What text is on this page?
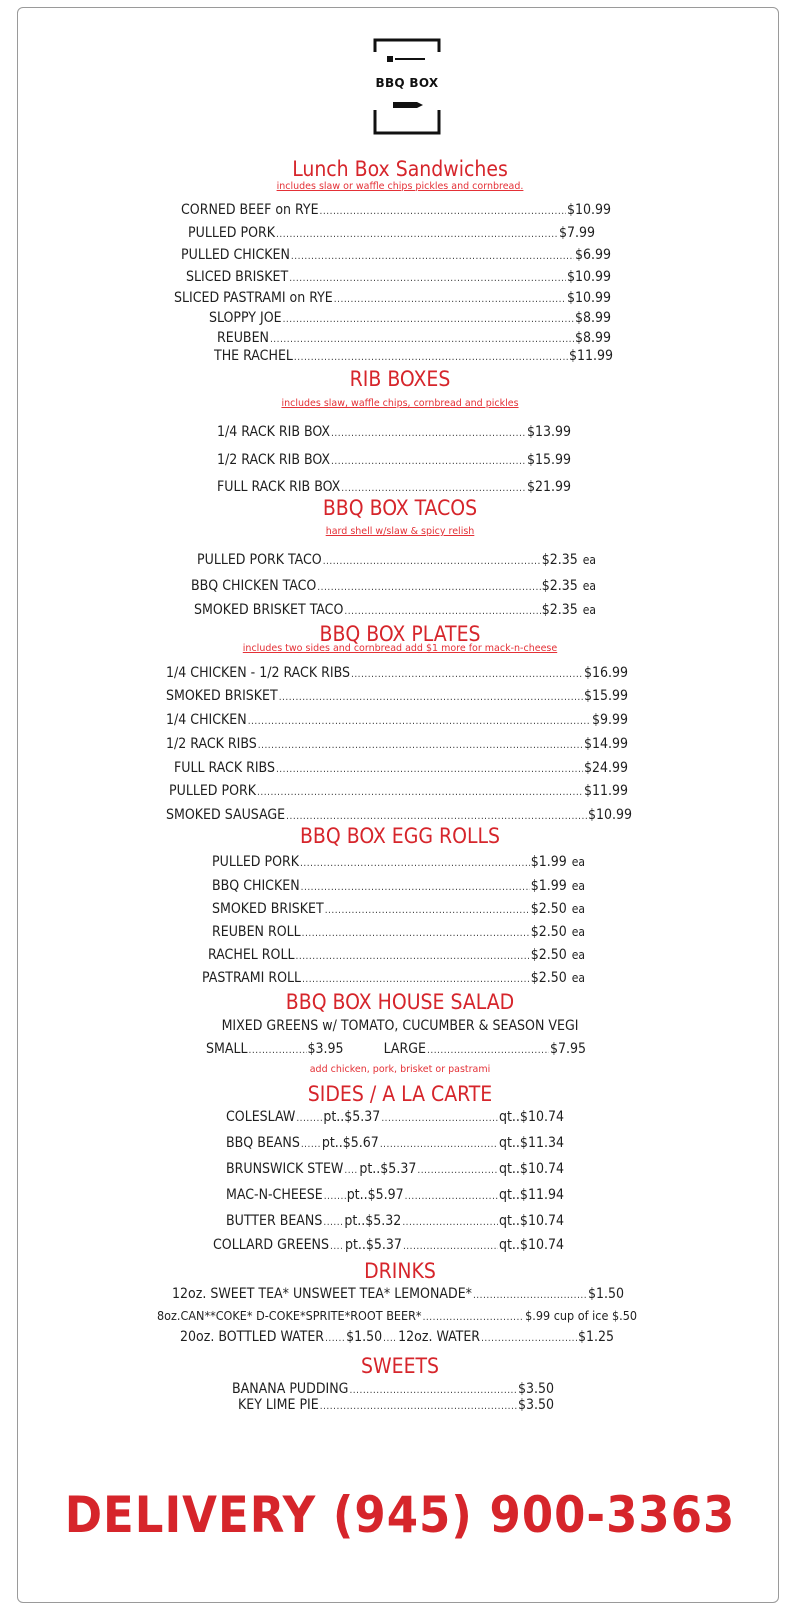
BBQ BOX
Lunch Box Sandwiches
includes slaw or waffle chips pickles and cornbread.
CORNED BEEF on RYE .....	$10.99
PULLED PORK .....	$7.99
PULLED CHICKEN .....	$6.99
SLICED BRISKET .....	$10.99
SLICED PASTRAMI on RYE .....	$10.99
SLOPPY JOE .....	$8.99
REUBEN .....	$8.99
THE RACHEL .....	$11.99
RIB BOXES
includes slaw, waffle chips, cornbread and pickles
1/4 RACK RIB BOX .....	$13.99
1/2 RACK RIB BOX .....	$15.99
FULL RACK RIB BOX .....	$21.99
BBQ BOX TACOS
hard shell w/slaw & spicy relish
PULLED PORK TACO .....	$2.35 ea
BBQ CHICKEN TACO .....	$2.35 ea
SMOKED BRISKET TACO .....	$2.35 ea
BBQ BOX PLATES
includes two sides and cornbread add $1 more for mack-n-cheese
1/4 CHICKEN - 1/2 RACK RIBS .....	$16.99
SMOKED BRISKET .....	$15.99
1/4 CHICKEN .....	$9.99
1/2 RACK RIBS .....	$14.99
FULL RACK RIBS .....	$24.99
PULLED PORK .....	$11.99
SMOKED SAUSAGE .....	$10.99
BBQ BOX EGG ROLLS
PULLED PORK .....	$1.99 ea
BBQ CHICKEN .....	$1.99 ea
SMOKED BRISKET .....	$2.50 ea
REUBEN ROLL .....	$2.50 ea
RACHEL ROLL .....	$2.50 ea
PASTRAMI ROLL .....	$2.50 ea
BBQ BOX HOUSE SALAD
MIXED GREENS w/ TOMATO, CUCUMBER & SEASON VEGI
SMALL .....	$3.95	LARGE .....	$7.95
add chicken, pork, brisket or pastrami
SIDES / A LA CARTE
COLESLAW ..... pt..$5.37 .....	qt..$10.74
BBQ BEANS ..... pt..$5.67 .....	qt..$11.34
BRUNSWICK STEW ..... pt..$5.37 .....	qt..$10.74
MAC-N-CHEESE ..... pt..$5.97 .....	qt..$11.94
BUTTER BEANS ..... pt..$5.32 .....	qt..$10.74
COLLARD GREENS ..... pt..$5.37 .....	qt..$10.74
DRINKS
12oz. SWEET TEA* UNSWEET TEA* LEMONADE* .....	$1.50
8oz.CAN**COKE* D-COKE*SPRITE*ROOT BEER* .....	$.99 cup of ice $.50
20oz. BOTTLED WATER ..... $1.50 ..... 12oz. WATER .....	$1.25
SWEETS
BANANA PUDDING .....	$3.50
KEY LIME PIE .....	$3.50
DELIVERY (945) 900-3363
